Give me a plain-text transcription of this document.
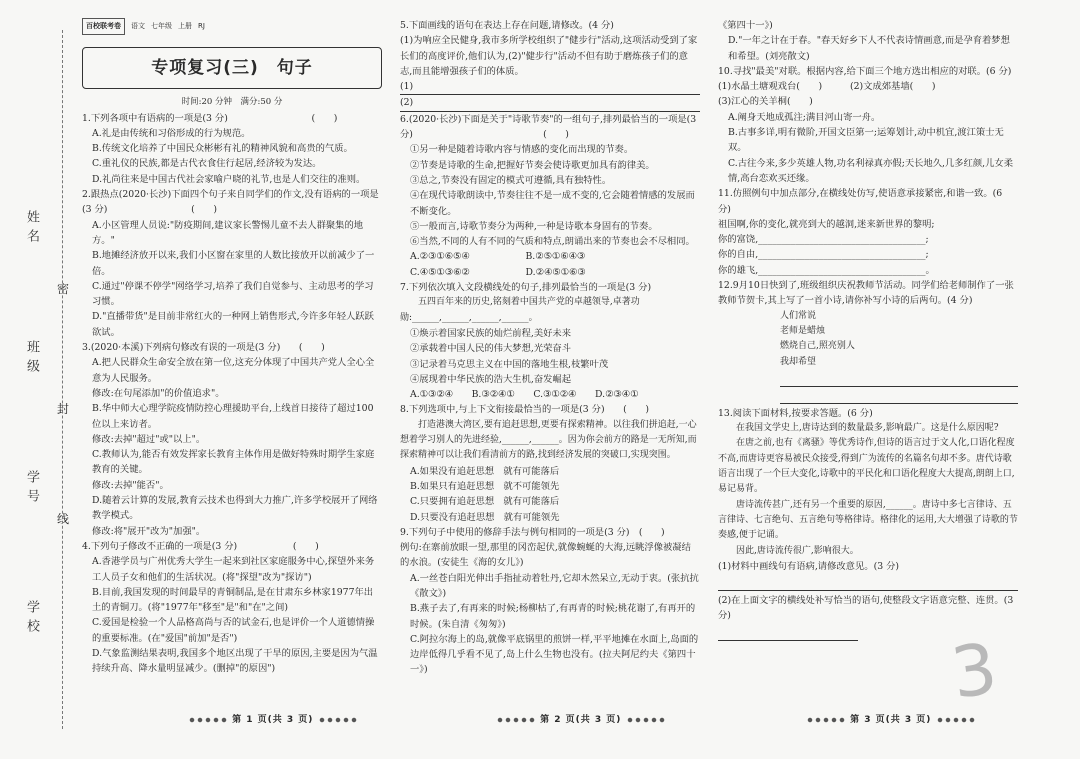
姓名
班级
学号
学校
密
封
线
百校联考卷	语文 七年级 上册 RJ
专项复习(三)　句子

时间:20 分钟　满分:50 分

1.下列各项中有语病的一项是(3 分)　　　　　　　　　(　　)

A.礼是由传统和习俗形成的行为规范。

B.传统文化培养了中国民众彬彬有礼的精神风貌和高贵的气质。

C.重礼仪的民族,都是古代衣食住行起居,经济较为发达。

D.礼尚往来是中国古代社会家喻户晓的礼节,也是人们交往的准则。

2.跟热点(2020·长沙)下面四个句子来自同学们的作文,没有语病的一项是(3 分)　　　　　　　　　(　　)

A.小区管理人员说:"防疫期间,建议家长警惕儿童不去人群聚集的地方。"

B.地摊经济放开以来,我们小区窗在家里的人数比接放开以前减少了一倍。

C.通过"停课不停学"网络学习,培养了我们自觉参与、主动思考的学习习惯。

D."直播带货"是目前非常红火的一种网上销售形式,今许多年轻人跃跃欲试。

3.(2020·本溪)下列病句修改有误的一项是(3 分)　　(　　)

A.把人民群众生命安全放在第一位,这充分体现了中国共产党人全心全意为人民服务。

修改:在句尾添加"的价值追求"。

B.华中师大心理学院疫情防控心理援助平台,上线首日接待了超过100位以上来访者。

修改:去掉"超过"或"以上"。

C.教师认为,能否有效发挥家长教育主体作用是做好特殊时期学生家庭教育的关键。

修改:去掉"能否"。

D.随着云计算的发展,教育云技术也得到大力推广,许多学校展开了网络教学模式。

修改:将"展开"改为"加强"。

4.下列句子修改不正确的一项是(3 分)　　　　　　(　　)

A.香港学员与广州优秀大学生一起来到社区家庭服务中心,探望外来务工人员子女和他们的生活状况。(将"探望"改为"探访")

B.目前,我国发现的时间最早的青铜制品,是在甘肃东乡林家1977年出土的青铜刀。(将"1977年"移至"是"和"在"之间)

C.爱国是检验一个人品格高尚与否的试金石,也是评价一个人道德情操的重要标准。(在"爱国"前加"是否")

D.气象监测结果表明,我国多个地区出现了干旱的原因,主要是因为气温持续升高、降水量明显减少。(删掉"的原因")

5.下面画线的语句在表达上存在问题,请修改。(4 分)

(1)为响应全民健身,我市多所学校组织了"健步行"活动,这项活动受到了家长们的高度评价,他们认为,(2)"健步行"活动不但有助于磨炼孩子们的意志,而且能增强孩子们的体质。

(1)

(2)

6.(2020·长沙)下面是关于"诗歌节奏"的一组句子,排列最恰当的一项是(3 分)　　　　　　　　　　　　　　(　　)

①另一种是随着诗歌内容与情感的变化而出现的节奏。

②节奏是诗歌的生命,把握好节奏会使诗歌更加具有韵律美。

③总之,节奏没有固定的模式可遵循,具有独特性。

④在现代诗歌朗读中,节奏往往不是一成不变的,它会随着情感的发展而不断变化。

⑤一般而言,诗歌节奏分为两种,一种是诗歌本身固有的节奏。

⑥当然,不同的人有不同的气质和特点,朗诵出来的节奏也会不尽相同。

A.②③①⑥⑤④　　　　　　B.②⑤①⑥④③

C.④⑤①③⑥②　　　　　　D.②④⑤①⑥③

7.下列依次填入文段横线处的句子,排列最恰当的一项是(3 分)

五四百年来的历史,铭刻着中国共产党的卓越领导,卓著功勋:______,______,______,______。

①焕示着国家民族的灿烂前程,美好未来

②承载着中国人民的伟大梦想,光荣奋斗

③记录着马克思主义在中国的落地生根,枝繁叶茂

④展现着中华民族的浩大生机,奋发崛起

A.①③②④　　B.③②④①　　C.③①②④　　D.②③④①

8.下列选项中,与上下文衔接最恰当的一项是(3 分)　　(　　)

打造港澳大湾区,要有追赶思想,更要有探索精神。以往我们拼追赶,一心想着学习别人的先进经验,______,______。因为你会前方的路是一无所知,而探索精神可以让我们看清前方的路,找到经济发展的突破口,实现突围。

A.如果没有追赶思想　就有可能落后

B.如果只有追赶思想　就不可能领先

C.只要拥有追赶思想　就有可能落后

D.只要没有追赶思想　就有可能领先

9.下列句子中使用的修辞手法与例句相同的一项是(3 分)　(　　)

例句:在寨前放眼一望,那里的冈峦起伏,就像蜿蜒的大海,远眺浮像被凝结的水浪。(安徒生《海的女儿》)

A.一丝苍白阳光伸出手指扯动着牡丹,它却木然呆立,无动于衷。(张抗抗《散文》)

B.燕子去了,有再来的时候;杨柳枯了,有再青的时候;桃花谢了,有再开的时候。(朱自清《匆匆》)

C.阿拉尔海上的岛,就像平底锅里的煎饼一样,平平地摊在水面上,岛面的边岸低得几乎看不见了,岛上什么生物也没有。(拉夫阿尼约夫《第四十一》)

《第四十一》)

D."一年之计在于春。"春天好乡下人不代表诗情画意,而是孕育着梦想和希望。(刘亮散文)

10.寻找"最美"对联。根据内容,给下面三个地方选出相应的对联。(6 分)

(1)水晶土塘观戏台(　　)　　　(2)文成郊基墙(　　)

(3)江心的关羊桐(　　)

A.阐身天地成孤注;满目河山寄一舟。

B.古事多详,明有微阶,开国文臣第一;运筹划计,动中机宜,渡江策士无双。

C.古往今来,多少英雄人物,功名利禄真亦假;天长地久,几多红颜,儿女柔情,高台恋欢买还缘。

11.仿照例句中加点部分,在横线处仿写,使语意承接紧密,和谐一致。(6 分)

祖国啊,你的变化,就亮到大的越洞,迷来新世界的黎明;

你的富饶,____________________________________;

你的自由,____________________________________;

你的雄飞,____________________________________。

12.9月10日快到了,班级组织庆祝教师节活动。同学们给老师制作了一张教师节贺卡,其上写了一首小诗,请你补写小诗的后两句。(4 分)

人们常说

老师是蜡烛

燃烧自己,照亮别人

我却希望

13.阅读下面材料,按要求答题。(6 分)

在我国文学史上,唐诗达到的数量最多,影响最广。这是什么原因呢?

在唐之前,也有《离骚》等优秀诗作,但诗的语言过于文人化,口语化程度不高,而唐诗更容易被民众接受,得到广为流传的名篇名句却不多。唐代诗歌语言出现了一个巨大变化,诗歌中的平民化和口语化程度大大提高,朗朗上口,易记易背。

唐诗流传甚广,还有另一个重要的原因,______。唐诗中多七言律诗、五言律诗、七言绝句、五言绝句等格律诗。格律化的运用,大大增强了诗歌的节奏感,便于记诵。

因此,唐诗流传很广,影响很大。

(1)材料中画线句有语病,请修改意见。(3 分)

(2)在上面文字的横线处补写恰当的语句,使整段文字语意完整、连贯。(3 分)

第 1 页(共 3 页)	第 2 页(共 3 页)	第 3 页(共 3 页)
3
